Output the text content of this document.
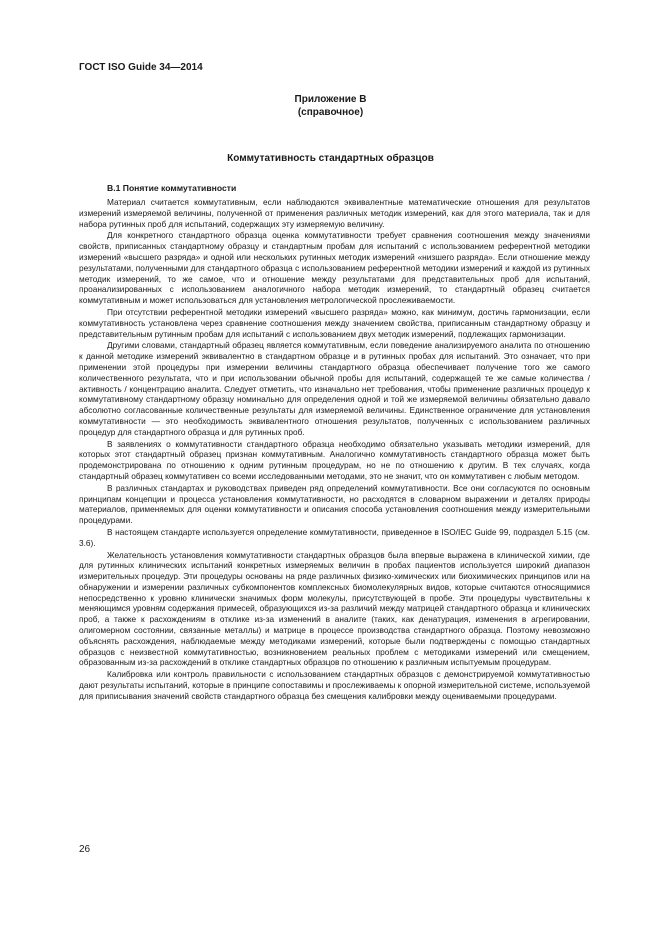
ГОСТ ISO Guide 34—2014
Приложение В
(справочное)
Коммутативность стандартных образцов
В.1 Понятие коммутативности

Материал считается коммутативным, если наблюдаются эквивалентные математические отношения для результатов измерений измеряемой величины, полученной от применения различных методик измерений, как для этого материала, так и для набора рутинных проб для испытаний, содержащих эту измеряемую величину.

Для конкретного стандартного образца оценка коммутативности требует сравнения соотношения между значениями свойств, приписанных стандартному образцу и стандартным пробам для испытаний с использованием референтной методики измерений «высшего разряда» и одной или нескольких рутинных методик измерений «низшего разряда». Если отношение между результатами, полученными для стандартного образца с использованием референтной методики измерений и каждой из рутинных методик измерений, то же самое, что и отношение между результатами для представительных проб для испытаний, проанализированных с использованием аналогичного набора методик измерений, то стандартный образец считается коммутативным и может использоваться для установления метрологической прослеживаемости.

При отсутствии референтной методики измерений «высшего разряда» можно, как минимум, достичь гармонизации, если коммутативность установлена через сравнение соотношения между значением свойства, приписанным стандартному образцу и представительным рутинным пробам для испытаний с использованием двух методик измерений, подлежащих гармонизации.

Другими словами, стандартный образец является коммутативным, если поведение анализируемого аналита по отношению к данной методике измерений эквивалентно в стандартном образце и в рутинных пробах для испытаний. Это означает, что при применении этой процедуры при измерении величины стандартного образца обеспечивает получение того же самого количественного результата, что и при использовании обычной пробы для испытаний, содержащей те же самые количества / активность / концентрацию аналита. Следует отметить, что изначально нет требования, чтобы применение различных процедур к коммутативному стандартному образцу номинально для определения одной и той же измеряемой величины обязательно давало абсолютно согласованные количественные результаты для измеряемой величины. Единственное ограничение для установления коммутативности — это необходимость эквивалентного отношения результатов, полученных с использованием различных процедур для стандартного образца и для рутинных проб.

В заявлениях о коммутативности стандартного образца необходимо обязательно указывать методики измерений, для которых этот стандартный образец признан коммутативным. Аналогично коммутативность стандартного образца может быть продемонстрирована по отношению к одним рутинным процедурам, но не по отношению к другим. В тех случаях, когда стандартный образец коммутативен со всеми исследованными методами, это не значит, что он коммутативен с любым методом.

В различных стандартах и руководствах приведен ряд определений коммутативности. Все они согласуются по основным принципам концепции и процесса установления коммутативности, но расходятся в словарном выражении и деталях природы материалов, применяемых для оценки коммутативности и описания способа установления соотношения между измерительными процедурами.

В настоящем стандарте используется определение коммутативности, приведенное в ISO/IEC Guide 99, подраздел 5.15 (см. 3.6).

Желательность установления коммутативности стандартных образцов была впервые выражена в клинической химии, где для рутинных клинических испытаний конкретных измеряемых величин в пробах пациентов используется широкий диапазон измерительных процедур. Эти процедуры основаны на ряде различных физико-химических или биохимических принципов или на обнаружении и измерении различных субкомпонентов комплексных биомолекулярных видов, которые считаются относящимися непосредственно к уровню клинически значимых форм молекулы, присутствующей в пробе. Эти процедуры чувствительны к меняющимся уровням содержания примесей, образующихся из-за различий между матрицей стандартного образца и клинических проб, а также к расхождениям в отклике из-за изменений в аналите (таких, как денатурация, изменения в агрегировании, олигомерном состоянии, связанные металлы) и матрице в процессе производства стандартного образца. Поэтому невозможно объяснять расхождения, наблюдаемые между методиками измерений, которые были подтверждены с помощью стандартных образцов с неизвестной коммутативностью, возникновением реальных проблем с методиками измерений или смещением, образованным из-за расхождений в отклике стандартных образцов по отношению к различным испытуемым процедурам.

Калибровка или контроль правильности с использованием стандартных образцов с демонстрируемой коммутативностью дают результаты испытаний, которые в принципе сопоставимы и прослеживаемы к опорной измерительной системе, используемой для приписывания значений свойств стандартного образца без смещения калибровки между оцениваемыми процедурами.

26
